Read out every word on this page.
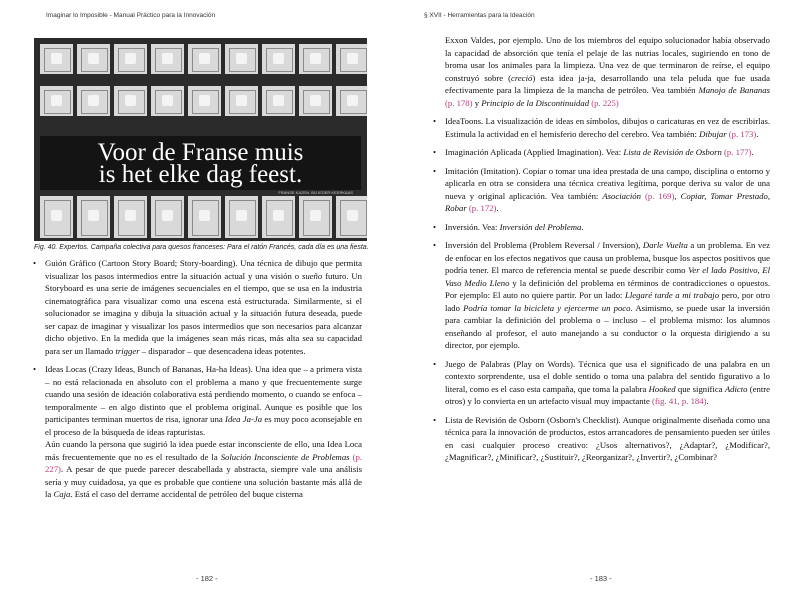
Imaginar lo Imposible - Manual Práctico para la Innovación
Voor de Franse muis
is het elke dag feest.
FRANSE KAZEN. BIJ IEDER KEERKAAS
Fig. 40. Expertos. Campaña colectiva para quesos franceses: Para el ratón Francés, cada día es una fiesta.
• Guión Gráfico (Cartoon Story Board; Story-boarding). Una técnica de dibujo que permita visualizar los pasos intermedios entre la situación actual y una visión o sueño futuro. Un Storyboard es una serie de imágenes secuenciales en el tiempo, que se usa en la industria cinematográfica para visualizar como una escena está estructurada. Similarmente, si el solucionador se imagina y dibuja la situación actual y la situación futura deseada, puede ser capaz de imaginar y visualizar los pasos intermedios que son necesarios para alcanzar dicho objetivo. En la medida que la imágenes sean más ricas, más alta sea su capacidad para ser un llamado trigger – disparador – que desencadena ideas potentes.

• Ideas Locas (Crazy Ideas, Bunch of Bananas, Ha-ha Ideas). Una idea que – a primera vista – no está relacionada en absoluto con el problema a mano y que frecuentemente surge cuando una sesión de ideación colaborativa está perdiendo momento, o cuando se enfoca – temporalmente – en algo distinto que el problema original. Aunque es posible que los participantes terminan muertos de risa, ignorar una Idea Ja-Ja es muy poco aconsejable en el proceso de la búsqueda de ideas rapturistas.

Aún cuando la persona que sugirió la idea puede estar inconsciente de ello, una Idea Loca más frecuentemente que no es el resultado de la Solución Inconsciente de Problemas (p. 227). A pesar de que puede parecer descabellada y abstracta, siempre vale una análisis sería y muy cuidadosa, ya que es probable que contiene una solución bastante más allá de la Caja. Está el caso del derrame accidental de petróleo del buque cisterna

- 182 -
§ XVII - Herramientas para la Ideación

Exxon Valdes, por ejemplo. Uno de los miembros del equipo solucionador había observado la capacidad de absorción que tenía el pelaje de las nutrias locales, sugiriendo en tono de broma usar los animales para la limpieza. Una vez de que terminaron de reírse, el equipo construyó sobre (creció) esta idea ja-ja, desarrollando una tela peluda que fue usada efectivamente para la limpieza de la mancha de petróleo. Vea también Manojo de Bananas (p. 178) y Principio de la Discontinuidad (p. 225)

• IdeaToons. La visualización de ideas en símbolos, dibujos o caricaturas en vez de escribirlas. Estimula la actividad en el hemisferio derecho del cerebro. Vea también: Dibujar (p. 173).

• Imaginación Aplicada (Applied Imagination). Vea: Lista de Revisión de Osborn (p. 177).

• Imitación (Imitation). Copiar o tomar una idea prestada de una campo, disciplina o entorno y aplicarla en otra se considera una técnica creativa legítima, porque deriva su valor de una nueva y original aplicación. Vea también: Asociación (p. 169), Copiar, Tomar Prestado, Robar (p. 172).

• Inversión. Vea: Inversión del Problema.

• Inversión del Problema (Problem Reversal / Inversion), Darle Vuelta a un problema. En vez de enfocar en los efectos negativos que causa un problema, busque los aspectos positivos que podría tener. El marco de referencia mental se puede describir como Ver el lado Positivo, El Vaso Medio Lleno y la definición del problema en términos de contradicciones o opuestos. Por ejemplo: El auto no quiere partir. Por un lado: Llegaré tarde a mi trabajo pero, por otro lado Podría tomar la bicicleta y ejercerme un poco. Asimismo, se puede usar la inversión para cambiar la definición del problema o – incluso – el problema mismo: los alumnos enseñando al profesor, el auto manejando a su conductor o la orquesta dirigiendo a su director, por ejemplo.

• Juego de Palabras (Play on Words). Técnica que usa el significado de una palabra en un contexto sorprendente, usa el doble sentido o toma una palabra del sentido figurativo a lo literal, como es el caso esta campaña, que toma la palabra Hooked que significa Adicto (entre otros) y lo convierta en un artefacto visual muy impactante (fig. 41, p. 184).

• Lista de Revisión de Osborn (Osborn's Checklist). Aunque originalmente diseñada como una técnica para la innovación de productos, estos arrancadores de pensamiento pueden ser útiles en casi cualquier proceso creativo: ¿Usos alternativos?, ¿Adaptar?, ¿Modificar?, ¿Magnificar?, ¿Minificar?, ¿Sustituir?, ¿Reorganizar?, ¿Invertir?, ¿Combinar?

- 183 -
